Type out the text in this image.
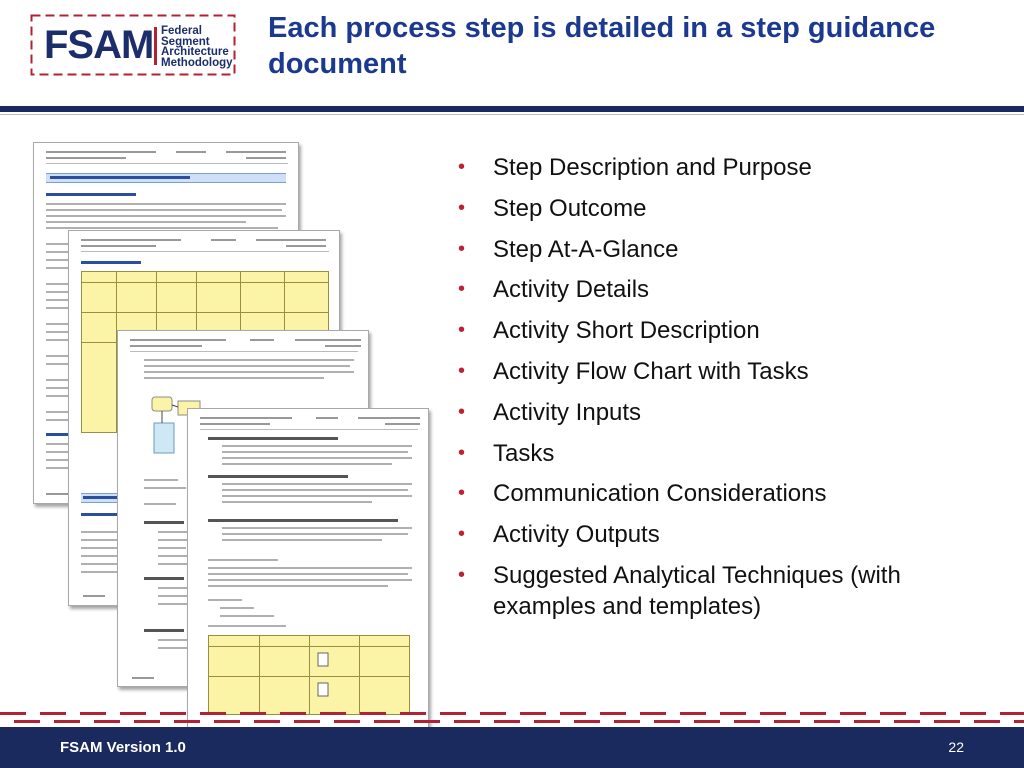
FSAM Federal
Segment
Architecture
Methodology
Each process step is detailed in a step guidance document
• Step Description and Purpose
• Step Outcome
• Step At-A-Glance
• Activity Details
• Activity Short Description
• Activity Flow Chart with Tasks
• Activity Inputs
• Tasks
• Communication Considerations
• Activity Outputs
• Suggested Analytical Techniques (with examples and templates)
FSAM Version 1.0	22
